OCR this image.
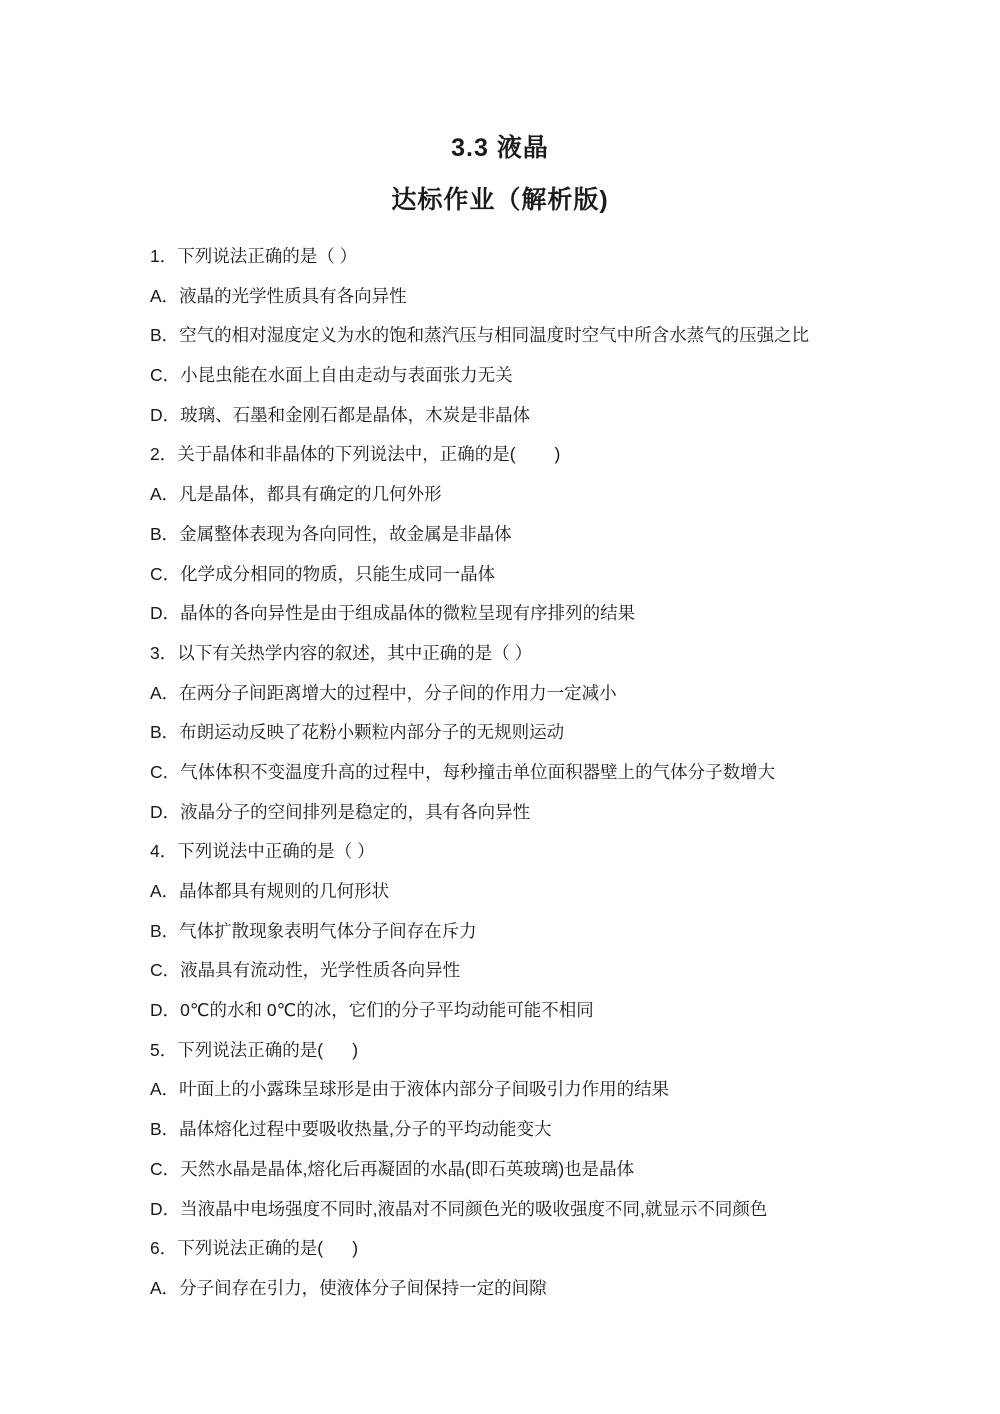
3.3 液晶
达标作业（解析版)

1．下列说法正确的是（ ）

A．液晶的光学性质具有各向异性

B．空气的相对湿度定义为水的饱和蒸汽压与相同温度时空气中所含水蒸气的压强之比

C．小昆虫能在水面上自由走动与表面张力无关

D．玻璃、石墨和金刚石都是晶体，木炭是非晶体

2．关于晶体和非晶体的下列说法中，正确的是(        )

A．凡是晶体，都具有确定的几何外形

B．金属整体表现为各向同性，故金属是非晶体

C．化学成分相同的物质，只能生成同一晶体

D．晶体的各向异性是由于组成晶体的微粒呈现有序排列的结果

3．以下有关热学内容的叙述，其中正确的是（ ）

A．在两分子间距离增大的过程中，分子间的作用力一定减小

B．布朗运动反映了花粉小颗粒内部分子的无规则运动

C．气体体积不变温度升高的过程中，每秒撞击单位面积器壁上的气体分子数增大

D．液晶分子的空间排列是稳定的，具有各向异性

4．下列说法中正确的是（ ）

A．晶体都具有规则的几何形状

B．气体扩散现象表明气体分子间存在斥力

C．液晶具有流动性，光学性质各向异性

D．0℃的水和 0℃的冰，它们的分子平均动能可能不相同

5．下列说法正确的是(      )

A．叶面上的小露珠呈球形是由于液体内部分子间吸引力作用的结果

B．晶体熔化过程中要吸收热量,分子的平均动能变大

C．天然水晶是晶体,熔化后再凝固的水晶(即石英玻璃)也是晶体

D．当液晶中电场强度不同时,液晶对不同颜色光的吸收强度不同,就显示不同颜色

6．下列说法正确的是(      )

A．分子间存在引力，使液体分子间保持一定的间隙
